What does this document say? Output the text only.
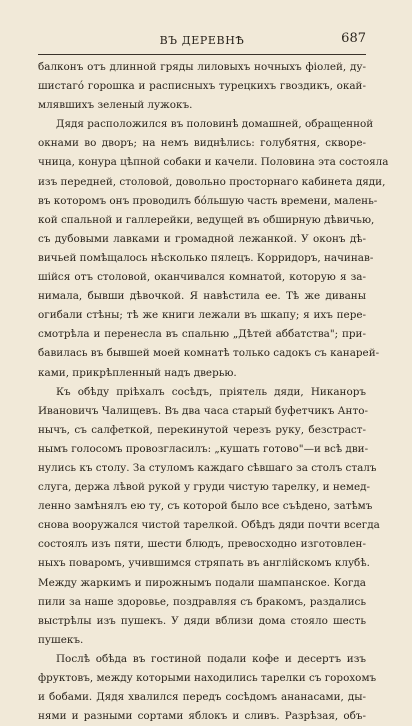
ВЪ ДЕРЕВНѢ	687

балконъ отъ длинной гряды лиловыхъ ночныхъ фіолей, ду-

шистагó горошка и расписныхъ турецкихъ гвоздикъ, окай-

млявшихъ зеленый лужокъ.

Дядя расположился въ половинѣ домашней, обращенной

окнами во дворъ; на немъ виднѣлись: голубятня, скворе-

чница, конура цѣпной собаки и качели. Половина эта состояла

изъ передней, столовой, довольно просторнаго кабинета дяди,

въ которомъ онъ проводилъ бóльшую часть времени, малень-

кой спальной и галлерейки, ведущей въ обширную дѣвичью,

съ дубовыми лавками и громадной лежанкой. У оконъ дѣ-

вичьей помѣщалось нѣсколько пялецъ. Корридоръ, начинав-

шійся отъ столовой, оканчивался комнатой, которую я за-

нимала, бывши дѣвочкой. Я навѣстила ее. Тѣ же диваны

огибали стѣны; тѣ же книги лежали въ шкапу; я ихъ пере-

смотрѣла и перенесла въ спальню „Дѣтей аббатства"; при-

бавилась въ бывшей моей комнатѣ только садокъ съ канарей-

ками, прикрѣпленный надъ дверью.

Къ обѣду пріѣхалъ сосѣдъ, пріятель дяди, Никаноръ

Ивановичъ Чалищевъ. Въ два часа старый буфетчикъ Анто-

нычъ, съ салфеткой, перекинутой черезъ руку, безстраст-

нымъ голосомъ провозгласилъ: „кушать готово"—и всѣ дви-

нулись къ столу. За стуломъ каждаго сѣвшаго за столъ сталъ

слуга, держа лѣвой рукой у груди чистую тарелку, и немед-

ленно замѣнялъ ею ту, съ которой было все съѣдено, затѣмъ

снова вооружался чистой тарелкой. Обѣдъ дяди почти всегда

состоялъ изъ пяти, шести блюдъ, превосходно изготовлен-

ныхъ поваромъ, учившимся стряпать въ англійскомъ клубѣ.

Между жаркимъ и пирожнымъ подали шампанское. Когда

пили за наше здоровье, поздравляя съ бракомъ, раздались

выстрѣлы изъ пушекъ. У дяди вблизи дома стояло шесть

пушекъ.

Послѣ обѣда въ гостиной подали кофе и десертъ изъ

фруктовъ, между которыми находились тарелки съ горохомъ

и бобами. Дядя хвалился передъ сосѣдомъ ананасами, ды-

нями и разными сортами яблокъ и сливъ. Разрѣзая, объ-
